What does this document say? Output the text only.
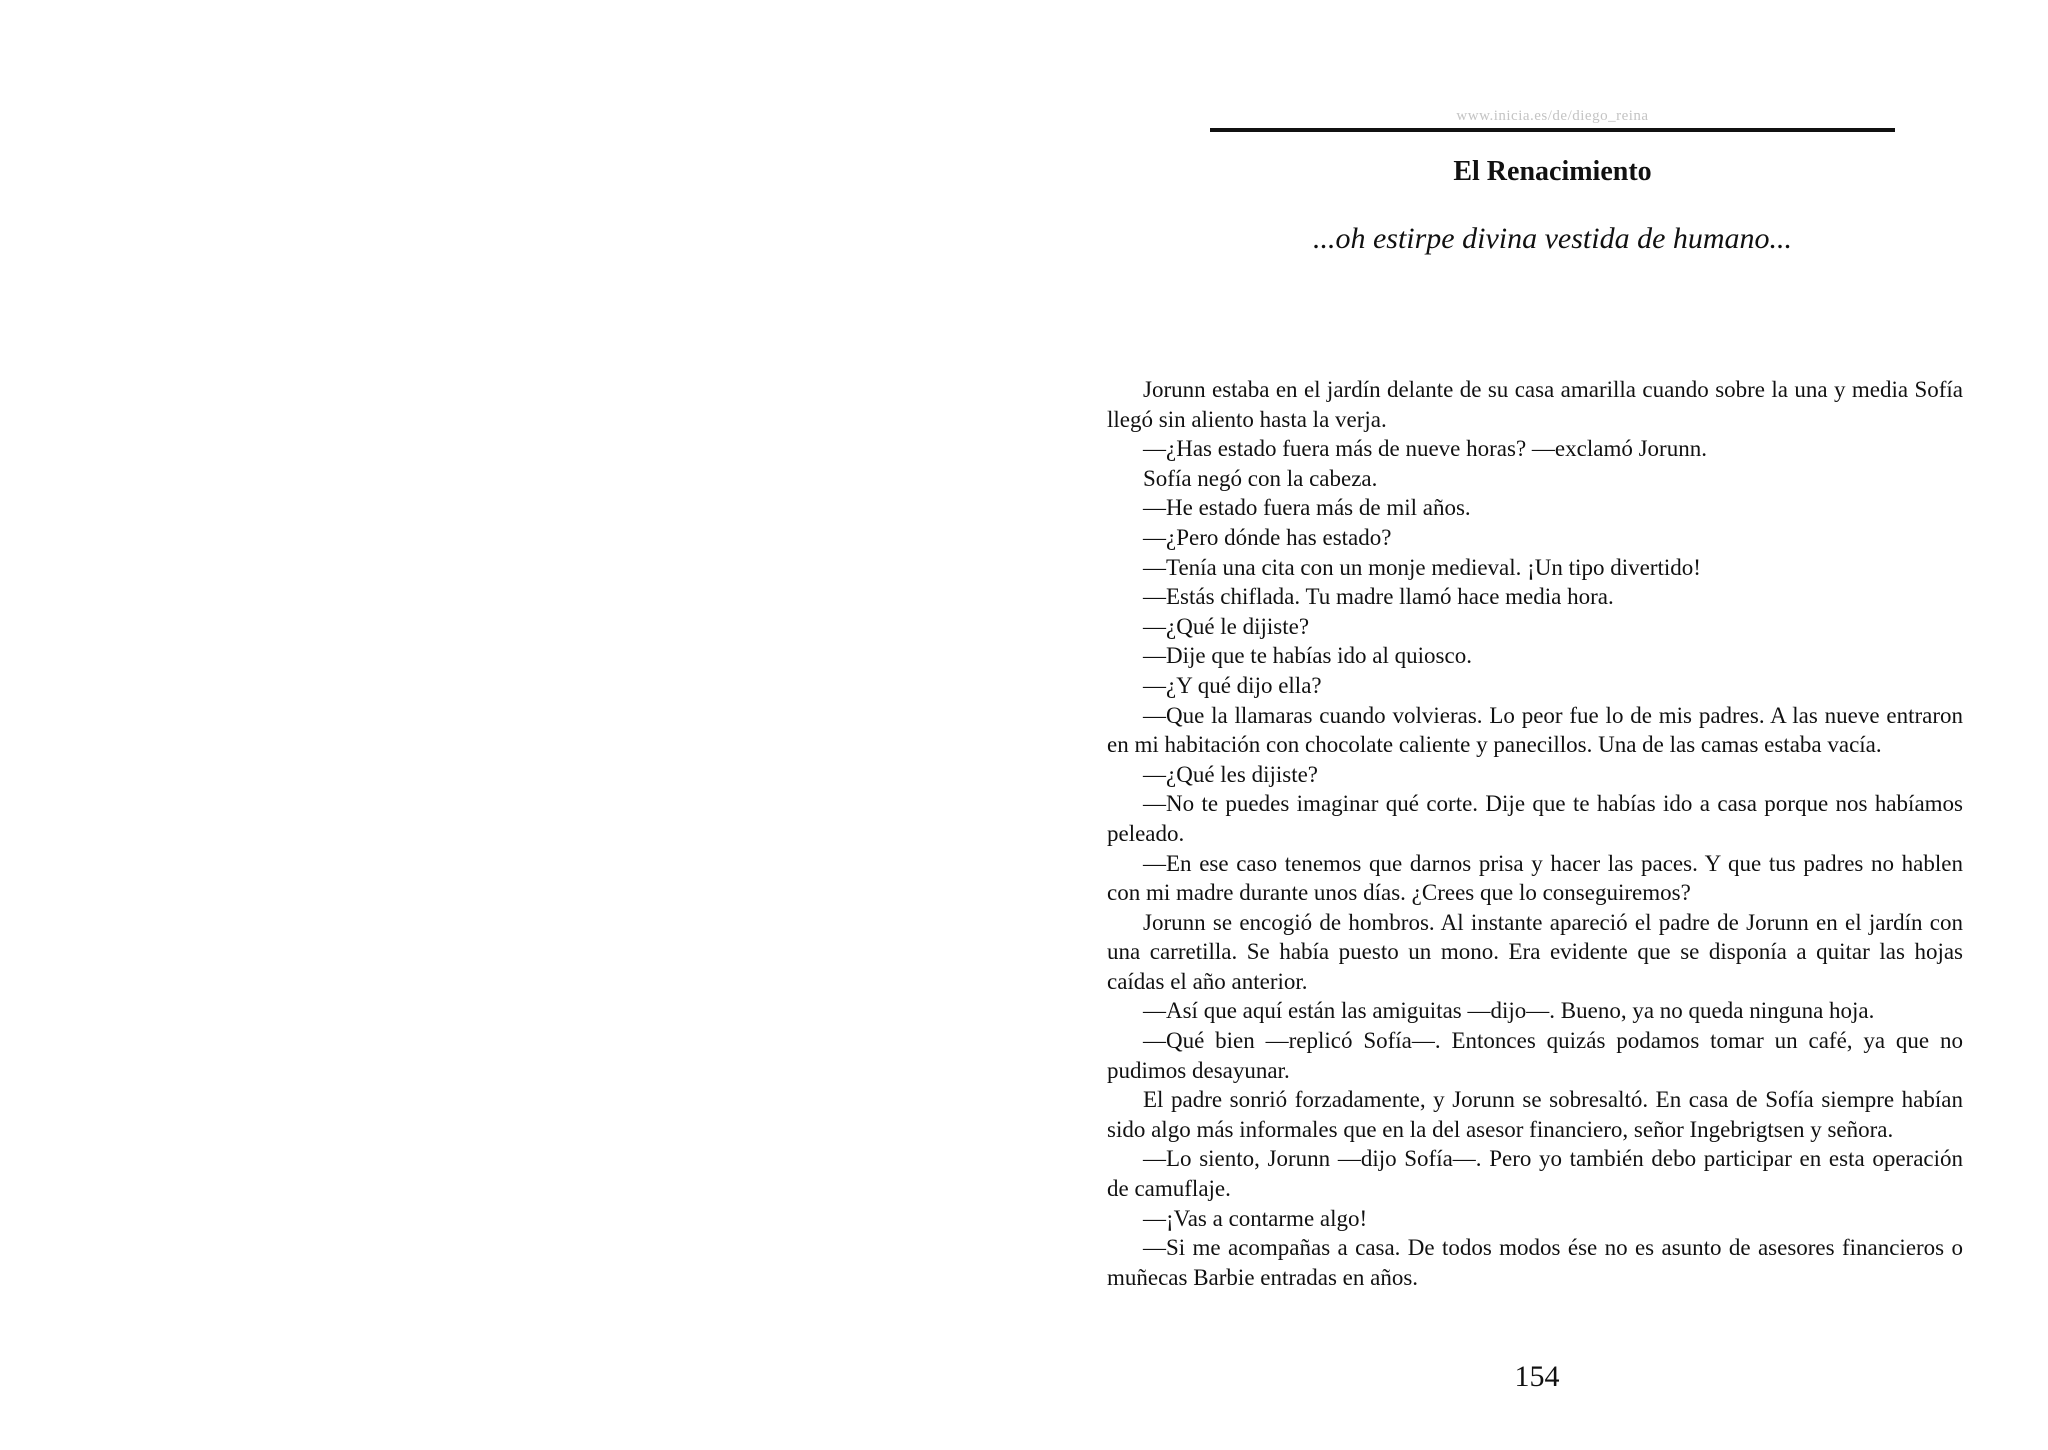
www.inicia.es/de/diego_reina
El Renacimiento
...oh estirpe divina vestida de humano...

Jorunn estaba en el jardín delante de su casa amarilla cuando sobre la una y media Sofía llegó sin aliento hasta la verja.

—¿Has estado fuera más de nueve horas? —exclamó Jorunn.

Sofía negó con la cabeza.

—He estado fuera más de mil años.

—¿Pero dónde has estado?

—Tenía una cita con un monje medieval. ¡Un tipo divertido!

—Estás chiflada. Tu madre llamó hace media hora.

—¿Qué le dijiste?

—Dije que te habías ido al quiosco.

—¿Y qué dijo ella?

—Que la llamaras cuando volvieras. Lo peor fue lo de mis padres. A las nueve entraron en mi habitación con chocolate caliente y panecillos. Una de las camas estaba vacía.

—¿Qué les dijiste?

—No te puedes imaginar qué corte. Dije que te habías ido a casa porque nos habíamos peleado.

—En ese caso tenemos que darnos prisa y hacer las paces. Y que tus padres no hablen con mi madre durante unos días. ¿Crees que lo conseguiremos?

Jorunn se encogió de hombros. Al instante apareció el padre de Jorunn en el jardín con una carretilla. Se había puesto un mono. Era evidente que se disponía a quitar las hojas caídas el año anterior.

—Así que aquí están las amiguitas —dijo—. Bueno, ya no queda ninguna hoja.

—Qué bien —replicó Sofía—. Entonces quizás podamos tomar un café, ya que no pudimos desayunar.

El padre sonrió forzadamente, y Jorunn se sobresaltó. En casa de Sofía siempre habían sido algo más informales que en la del asesor financiero, señor Ingebrigtsen y señora.

—Lo siento, Jorunn —dijo Sofía—. Pero yo también debo participar en esta operación de camuflaje.

—¡Vas a contarme algo!

—Si me acompañas a casa. De todos modos ése no es asunto de asesores financieros o muñecas Barbie entradas en años.

154
